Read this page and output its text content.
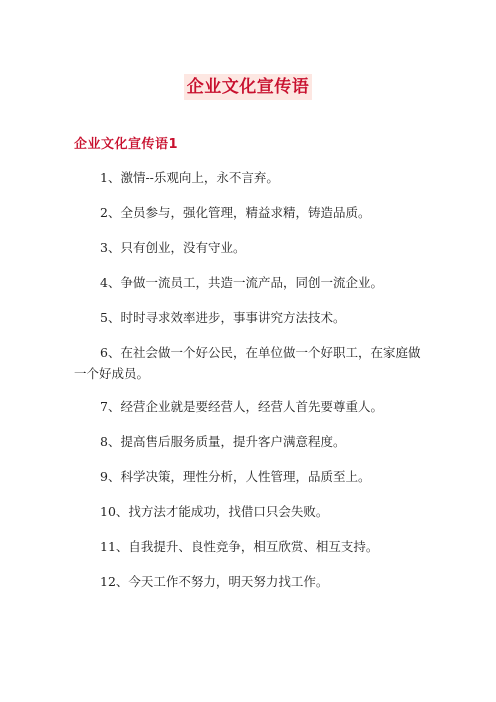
企业文化宣传语
企业文化宣传语1

1、激情--乐观向上，永不言弃。

2、全员参与，强化管理，精益求精，铸造品质。

3、只有创业，没有守业。

4、争做一流员工，共造一流产品，同创一流企业。

5、时时寻求效率进步，事事讲究方法技术。

6、在社会做一个好公民，在单位做一个好职工，在家庭做一个好成员。

7、经营企业就是要经营人，经营人首先要尊重人。

8、提高售后服务质量，提升客户满意程度。

9、科学决策，理性分析，人性管理，品质至上。

10、找方法才能成功，找借口只会失败。

11、自我提升、良性竞争，相互欣赏、相互支持。

12、今天工作不努力，明天努力找工作。
